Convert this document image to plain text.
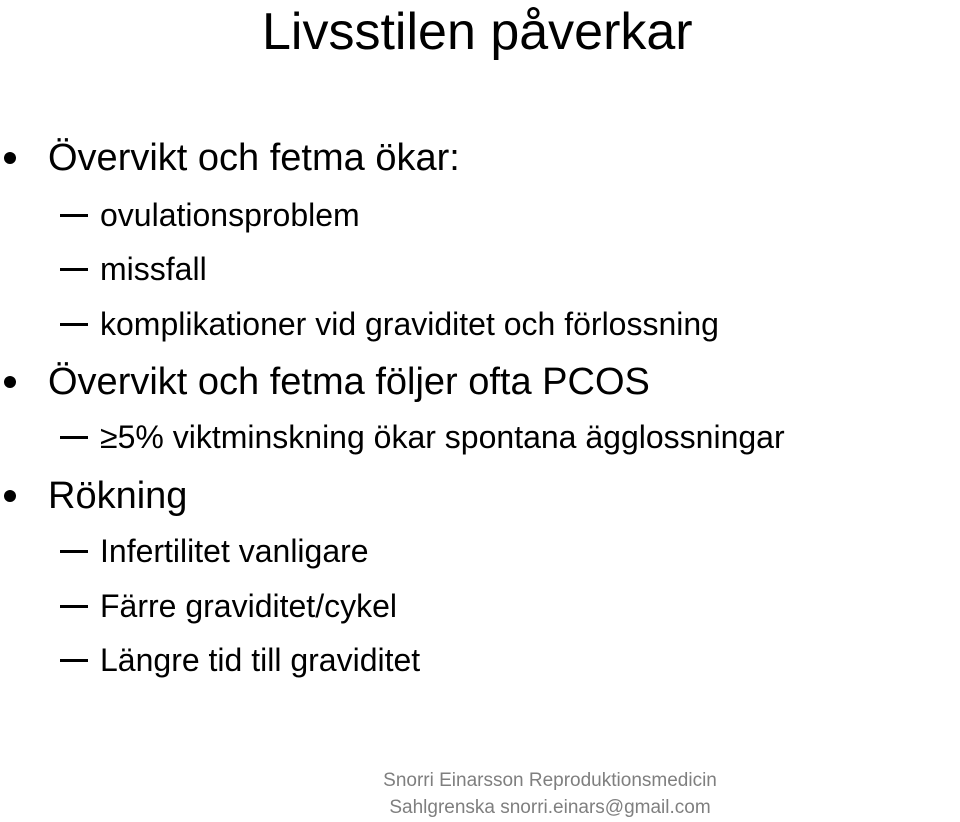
Livsstilen påverkar
Övervikt och fetma ökar:
ovulationsproblem
missfall
komplikationer vid graviditet och förlossning
Övervikt och fetma följer ofta PCOS
≥5% viktminskning ökar spontana ägglossningar
Rökning
Infertilitet vanligare
Färre graviditet/cykel
Längre tid till graviditet
Snorri Einarsson Reproduktionsmedicin
Sahlgrenska snorri.einars@gmail.com
